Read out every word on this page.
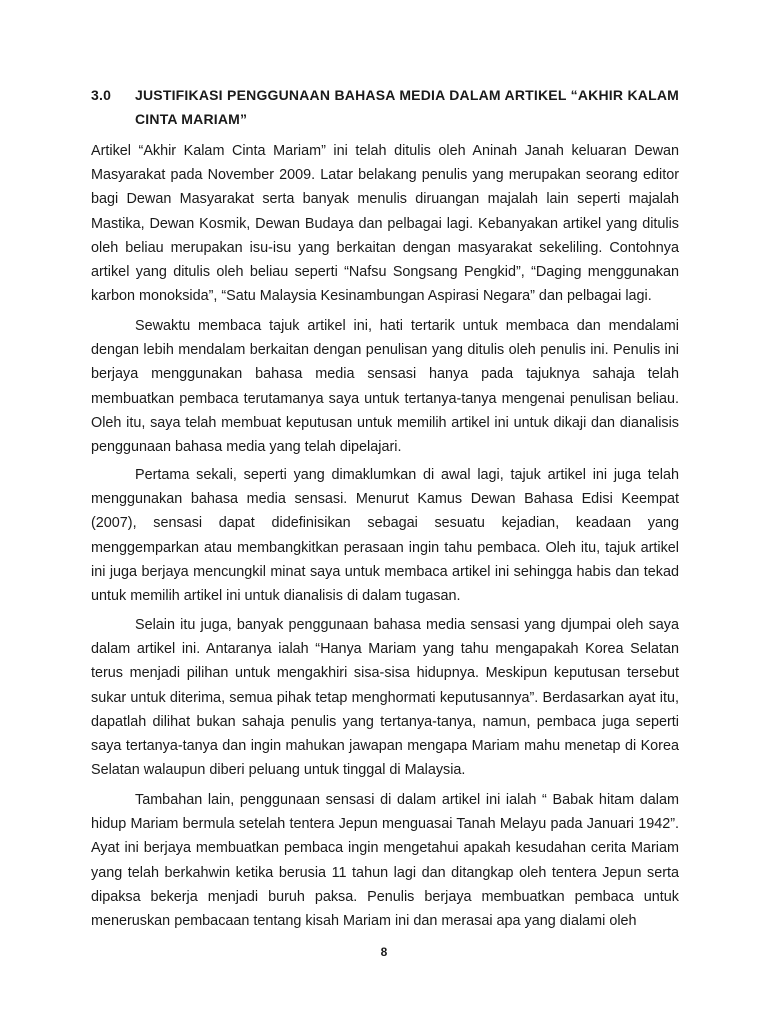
3.0 JUSTIFIKASI PENGGUNAAN BAHASA MEDIA DALAM ARTIKEL “AKHIR KALAM CINTA MARIAM”

Artikel “Akhir Kalam Cinta Mariam” ini telah ditulis oleh Aninah Janah keluaran Dewan Masyarakat pada November 2009. Latar belakang penulis yang merupakan seorang editor bagi Dewan Masyarakat serta banyak menulis diruangan majalah lain seperti majalah Mastika, Dewan Kosmik, Dewan Budaya dan pelbagai lagi. Kebanyakan artikel yang ditulis oleh beliau merupakan isu-isu yang berkaitan dengan masyarakat sekeliling. Contohnya artikel yang ditulis oleh beliau seperti “Nafsu Songsang Pengkid”, “Daging menggunakan karbon monoksida”, “Satu Malaysia Kesinambungan Aspirasi Negara” dan pelbagai lagi.

Sewaktu membaca tajuk artikel ini, hati tertarik untuk membaca dan mendalami dengan lebih mendalam berkaitan dengan penulisan yang ditulis oleh penulis ini. Penulis ini berjaya menggunakan bahasa media sensasi hanya pada tajuknya sahaja telah membuatkan pembaca terutamanya saya untuk tertanya-tanya mengenai penulisan beliau. Oleh itu, saya telah membuat keputusan untuk memilih artikel ini untuk dikaji dan dianalisis penggunaan bahasa media yang telah dipelajari.

Pertama sekali, seperti yang dimaklumkan di awal lagi, tajuk artikel ini juga telah menggunakan bahasa media sensasi. Menurut Kamus Dewan Bahasa Edisi Keempat (2007), sensasi dapat didefinisikan sebagai sesuatu kejadian, keadaan yang menggemparkan atau membangkitkan perasaan ingin tahu pembaca. Oleh itu, tajuk artikel ini juga berjaya mencungkil minat saya untuk membaca artikel ini sehingga habis dan tekad untuk memilih artikel ini untuk dianalisis di dalam tugasan.

Selain itu juga, banyak penggunaan bahasa media sensasi yang djumpai oleh saya dalam artikel ini. Antaranya ialah “Hanya Mariam yang tahu mengapakah Korea Selatan terus menjadi pilihan untuk mengakhiri sisa-sisa hidupnya. Meskipun keputusan tersebut sukar untuk diterima, semua pihak tetap menghormati keputusannya”. Berdasarkan ayat itu, dapatlah dilihat bukan sahaja penulis yang tertanya-tanya, namun, pembaca juga seperti saya tertanya-tanya dan ingin mahukan jawapan mengapa Mariam mahu menetap di Korea Selatan walaupun diberi peluang untuk tinggal di Malaysia.

Tambahan lain, penggunaan sensasi di dalam artikel ini ialah “ Babak hitam dalam hidup Mariam bermula setelah tentera Jepun menguasai Tanah Melayu pada Januari 1942”. Ayat ini berjaya membuatkan pembaca ingin mengetahui apakah kesudahan cerita Mariam yang telah berkahwin ketika berusia 11 tahun lagi dan ditangkap oleh tentera Jepun serta dipaksa bekerja menjadi buruh paksa. Penulis berjaya membuatkan pembaca untuk meneruskan pembacaan tentang kisah Mariam ini dan merasai apa yang dialami oleh

8
